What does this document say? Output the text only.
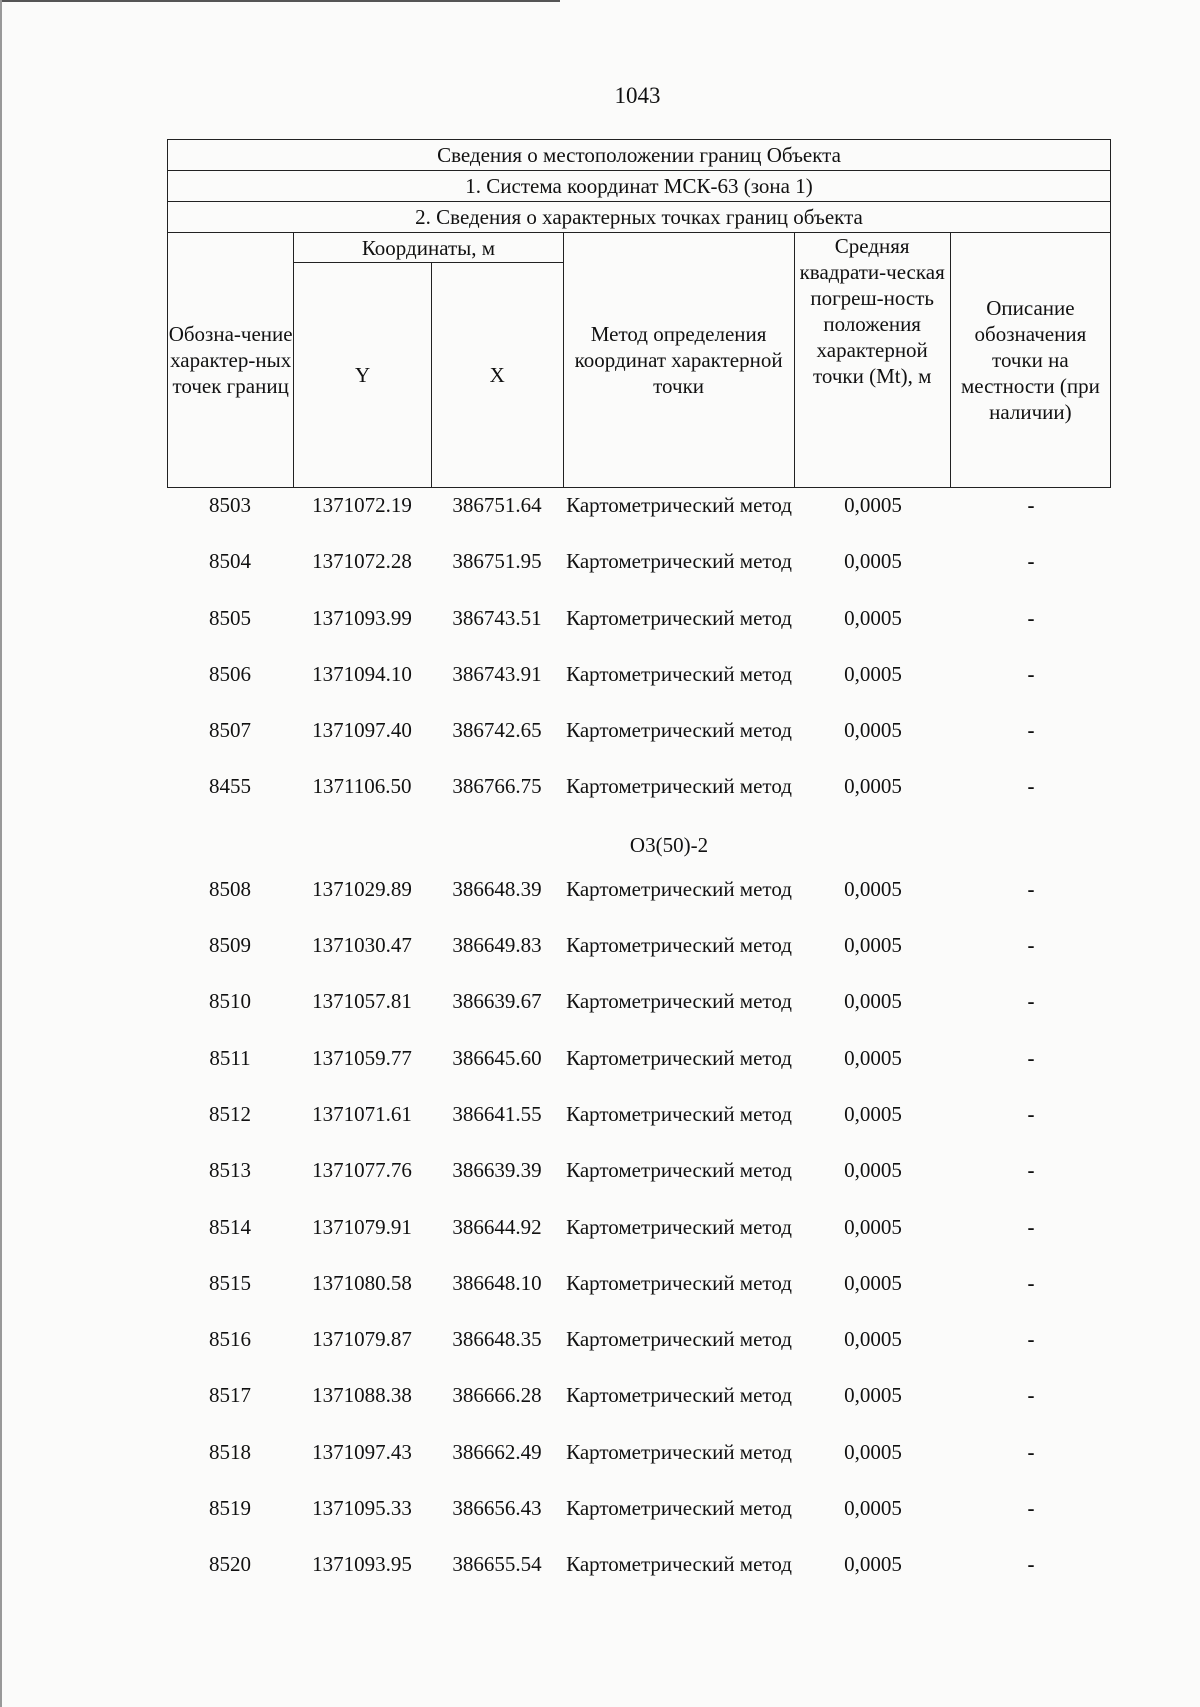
1043
Сведения о местоположении границ Объекта					
1. Система координат МСК-63 (зона 1)					
2. Сведения о характерных точках границ объекта					
Обозна-чение характер-ных точек границ	Координаты, м		Метод определения координат характерной точки	Средняя квадрати-ческая погреш-ность положения характерной точки (Mt), м	Описание обозначения точки на местности (при наличии)
	Y	X			
8503	1371072.19	386751.64	Картометрический метод	0,0005	-
8504	1371072.28	386751.95	Картометрический метод	0,0005	-
8505	1371093.99	386743.51	Картометрический метод	0,0005	-
8506	1371094.10	386743.91	Картометрический метод	0,0005	-
8507	1371097.40	386742.65	Картометрический метод	0,0005	-
8455	1371106.50	386766.75	Картометрический метод	0,0005	-
О3(50)-2
8508	1371029.89	386648.39	Картометрический метод	0,0005	-
8509	1371030.47	386649.83	Картометрический метод	0,0005	-
8510	1371057.81	386639.67	Картометрический метод	0,0005	-
8511	1371059.77	386645.60	Картометрический метод	0,0005	-
8512	1371071.61	386641.55	Картометрический метод	0,0005	-
8513	1371077.76	386639.39	Картометрический метод	0,0005	-
8514	1371079.91	386644.92	Картометрический метод	0,0005	-
8515	1371080.58	386648.10	Картометрический метод	0,0005	-
8516	1371079.87	386648.35	Картометрический метод	0,0005	-
8517	1371088.38	386666.28	Картометрический метод	0,0005	-
8518	1371097.43	386662.49	Картометрический метод	0,0005	-
8519	1371095.33	386656.43	Картометрический метод	0,0005	-
8520	1371093.95	386655.54	Картометрический метод	0,0005	-
